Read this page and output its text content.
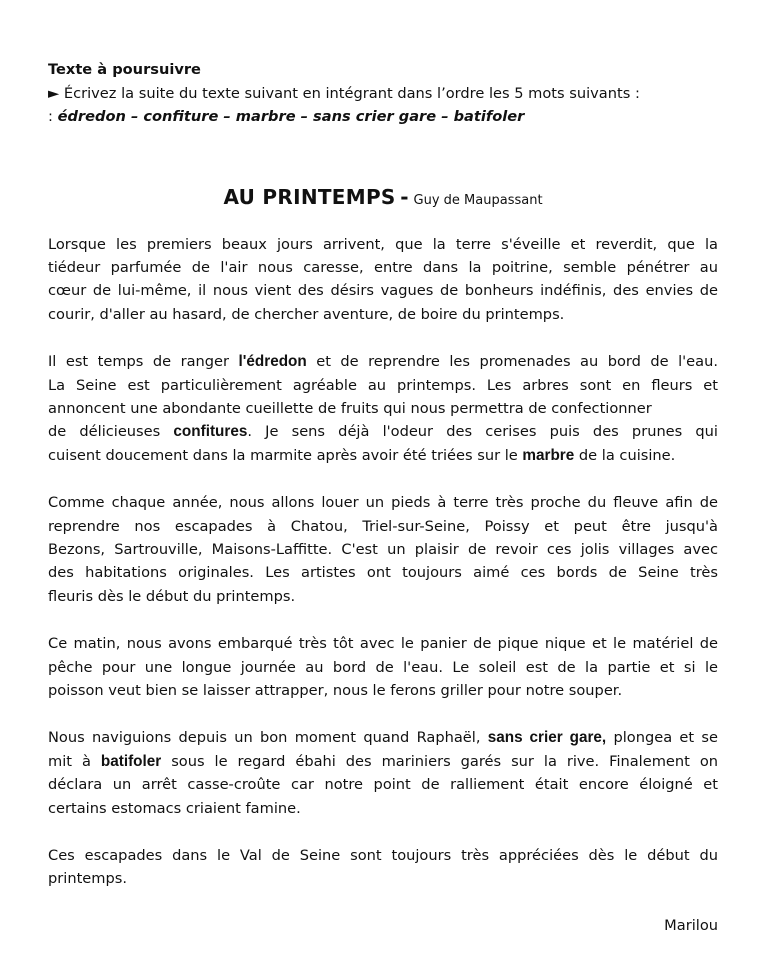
Texte à poursuivre
► Écrivez la suite du texte suivant en intégrant dans l’ordre les 5 mots suivants :
: édredon – confiture – marbre – sans crier gare – batifoler
AU PRINTEMPS - Guy de Maupassant
Lorsque les premiers beaux jours arrivent, que la terre s'éveille et reverdit, que la
tiédeur parfumée de l'air nous caresse, entre dans la poitrine, semble pénétrer au
cœur de lui-même, il nous vient des désirs vagues de bonheurs indéfinis, des envies de
courir, d'aller au hasard, de chercher aventure, de boire du printemps.
Il est temps de ranger l'édredon et de reprendre les promenades au bord de l'eau.
La Seine est particulièrement agréable au printemps. Les arbres sont en fleurs et
annoncent une abondante cueillette de fruits qui nous permettra de confectionner
de délicieuses confitures. Je sens déjà l'odeur des cerises puis des prunes qui
cuisent doucement dans la marmite après avoir été triées sur le marbre de la cuisine.
Comme chaque année, nous allons louer un pieds à terre très proche du fleuve afin de
reprendre nos escapades à Chatou, Triel-sur-Seine, Poissy et peut être jusqu'à
Bezons, Sartrouville, Maisons-Laffitte. C'est un plaisir de revoir ces jolis villages avec
des habitations originales. Les artistes ont toujours aimé ces bords de Seine très
fleuris dès le début du printemps.
Ce matin, nous avons embarqué très tôt avec le panier de pique nique et le matériel de
pêche pour une longue journée au bord de l'eau. Le soleil est de la partie et si le
poisson veut bien se laisser attrapper, nous le ferons griller pour notre souper.
Nous naviguions depuis un bon moment quand Raphaël, sans crier gare, plongea et se
mit à batifoler sous le regard ébahi des mariniers garés sur la rive. Finalement on
déclara un arrêt casse-croûte car notre point de ralliement était encore éloigné et
certains estomacs criaient famine.
Ces escapades dans le Val de Seine sont toujours très appréciées dès le début du
printemps.
Marilou
